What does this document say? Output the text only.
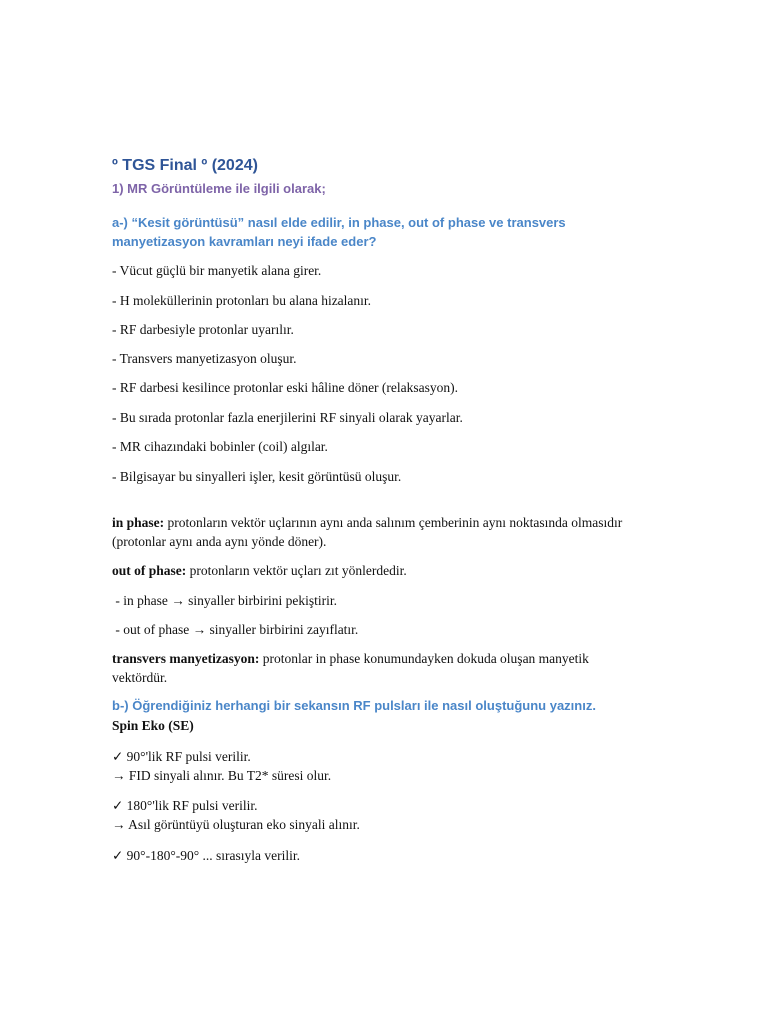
º TGS Final º (2024)
1) MR Görüntüleme ile ilgili olarak;
a-) “Kesit görüntüsü” nasıl elde edilir, in phase, out of phase ve transvers manyetizasyon kavramları neyi ifade eder?
- Vücut güçlü bir manyetik alana girer.
- H moleküllerinin protonları bu alana hizalanır.
- RF darbesiyle protonlar uyarılır.
- Transvers manyetizasyon oluşur.
- RF darbesi kesilince protonlar eski hâline döner (relaksasyon).
- Bu sırada protonlar fazla enerjilerini RF sinyali olarak yayarlar.
- MR cihazındaki bobinler (coil) algılar.
- Bilgisayar bu sinyalleri işler, kesit görüntüsü oluşur.
in phase: protonların vektör uçlarının aynı anda salınım çemberinin aynı noktasında olmasıdır (protonlar aynı anda aynı yönde döner).
out of phase: protonların vektör uçları zıt yönlerdedir.
- in phase → sinyaller birbirini pekiştirir.
- out of phase → sinyaller birbirini zayıflatır.
transvers manyetizasyon: protonlar in phase konumundayken dokuda oluşan manyetik vektördür.
b-) Öğrendiğiniz herhangi bir sekansın RF pulsları ile nasıl oluştuğunu yazınız.
Spin Eko (SE)
✓ 90°'lik RF pulsi verilir.
→ FID sinyali alınır. Bu T2* süresi olur.
✓ 180°'lik RF pulsi verilir.
→ Asıl görüntüyü oluşturan eko sinyali alınır.
✓ 90°-180°-90° ... sırasıyla verilir.
